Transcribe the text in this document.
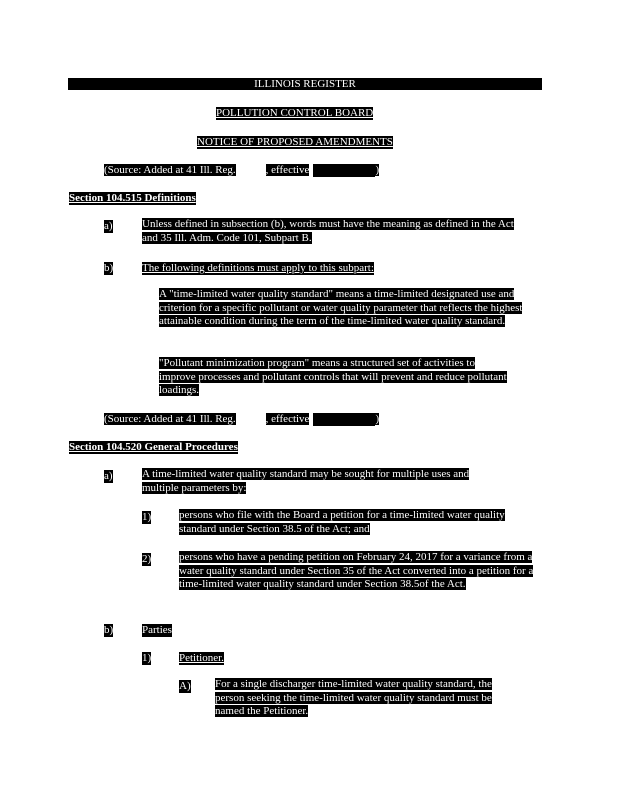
ILLINOIS REGISTER
POLLUTION CONTROL BOARD
NOTICE OF PROPOSED AMENDMENTS
(Source: Added at 41 Ill. Reg.	, effective	)
Section 104.515 Definitions
a)	Unless defined in subsection (b), words must have the meaning as defined in the Act and 35 Ill. Adm. Code 101, Subpart B.
b)	The following definitions must apply to this subpart:
A "time-limited water quality standard" means a time-limited designated use and criterion for a specific pollutant or water quality parameter that reflects the highest attainable condition during the term of the time-limited water quality standard.
"Pollutant minimization program" means a structured set of activities to improve processes and pollutant controls that will prevent and reduce pollutant loadings.
(Source: Added at 41 Ill. Reg.	, effective	)
Section 104.520 General Procedures
a)	A time-limited water quality standard may be sought for multiple uses and multiple parameters by:
1)	persons who file with the Board a petition for a time-limited water quality standard under Section 38.5 of the Act; and
2)	persons who have a pending petition on February 24, 2017 for a variance from a water quality standard under Section 35 of the Act converted into a petition for a time-limited water quality standard under Section 38.5of the Act.
b)	Parties
1)	Petitioner.
A) For a single discharger time-limited water quality standard, the person seeking the time-limited water quality standard must be named the Petitioner.
